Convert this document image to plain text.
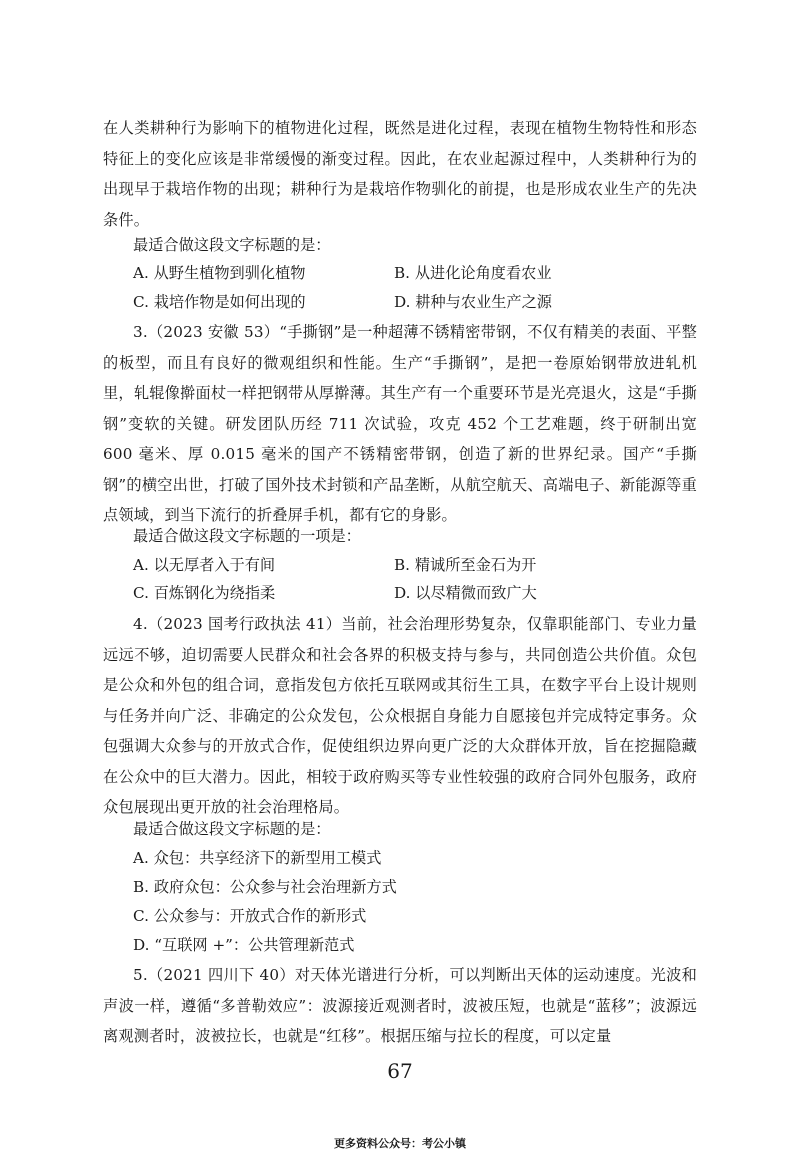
在人类耕种行为影响下的植物进化过程，既然是进化过程，表现在植物生物特性和形态特征上的变化应该是非常缓慢的渐变过程。因此，在农业起源过程中，人类耕种行为的出现早于栽培作物的出现；耕种行为是栽培作物驯化的前提，也是形成农业生产的先决条件。

最适合做这段文字标题的是：
A. 从野生植物到驯化植物	B. 从进化论角度看农业
C. 栽培作物是如何出现的	D. 耕种与农业生产之源

3.（2023 安徽 53）“手撕钢”是一种超薄不锈精密带钢，不仅有精美的表面、平整的板型，而且有良好的微观组织和性能。生产“手撕钢”，是把一卷原始钢带放进轧机里，轧辊像擀面杖一样把钢带从厚擀薄。其生产有一个重要环节是光亮退火，这是“手撕钢”变软的关键。研发团队历经 711 次试验，攻克 452 个工艺难题，终于研制出宽 600 毫米、厚 0.015 毫米的国产不锈精密带钢，创造了新的世界纪录。国产“手撕钢”的横空出世，打破了国外技术封锁和产品垄断，从航空航天、高端电子、新能源等重点领域，到当下流行的折叠屏手机，都有它的身影。

最适合做这段文字标题的一项是：
A. 以无厚者入于有间	B. 精诚所至金石为开
C. 百炼钢化为绕指柔	D. 以尽精微而致广大

4.（2023 国考行政执法 41）当前，社会治理形势复杂，仅靠职能部门、专业力量远远不够，迫切需要人民群众和社会各界的积极支持与参与，共同创造公共价值。众包是公众和外包的组合词，意指发包方依托互联网或其衍生工具，在数字平台上设计规则与任务并向广泛、非确定的公众发包，公众根据自身能力自愿接包并完成特定事务。众包强调大众参与的开放式合作，促使组织边界向更广泛的大众群体开放，旨在挖掘隐藏在公众中的巨大潜力。因此，相较于政府购买等专业性较强的政府合同外包服务，政府众包展现出更开放的社会治理格局。

最适合做这段文字标题的是：
A. 众包：共享经济下的新型用工模式
B. 政府众包：公众参与社会治理新方式
C. 公众参与：开放式合作的新形式
D. “互联网 +”：公共管理新范式

5.（2021 四川下 40）对天体光谱进行分析，可以判断出天体的运动速度。光波和声波一样，遵循“多普勒效应”：波源接近观测者时，波被压短，也就是“蓝移”；波源远离观测者时，波被拉长，也就是“红移”。根据压缩与拉长的程度，可以定量

67
更多资料公众号：考公小镇
